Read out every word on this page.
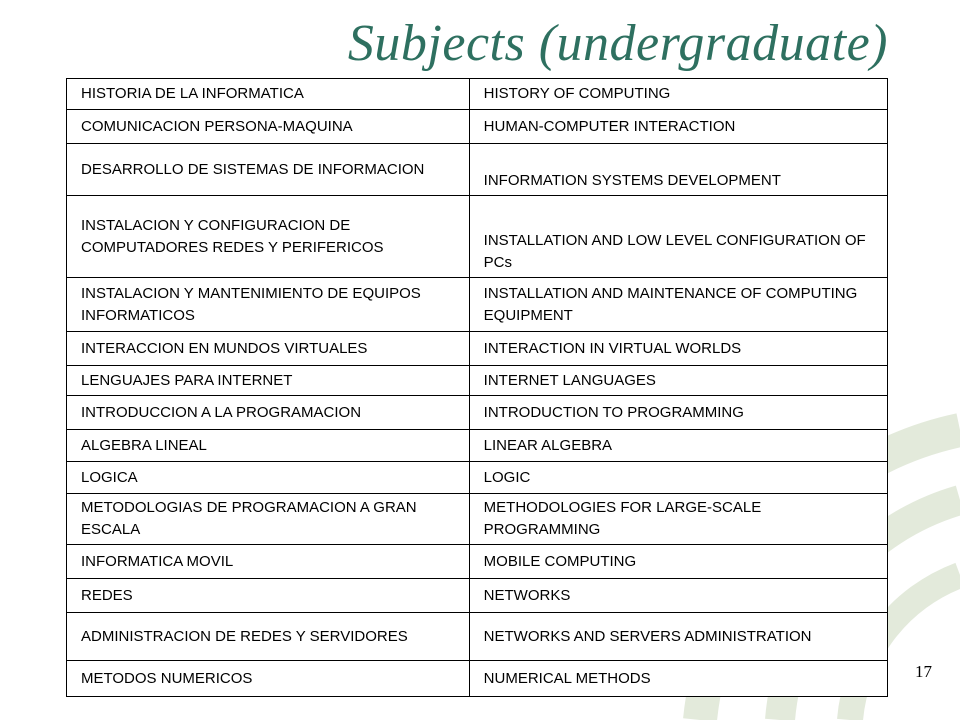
Subjects (undergraduate)
HISTORIA DE LA INFORMATICA	HISTORY OF COMPUTING
COMUNICACION PERSONA-MAQUINA	HUMAN-COMPUTER INTERACTION
DESARROLLO DE SISTEMAS DE INFORMACION	INFORMATION SYSTEMS DEVELOPMENT
INSTALACION Y CONFIGURACION DE COMPUTADORES REDES Y PERIFERICOS	INSTALLATION AND LOW LEVEL CONFIGURATION OF PCs
INSTALACION Y MANTENIMIENTO DE EQUIPOS INFORMATICOS	INSTALLATION AND MAINTENANCE OF COMPUTING EQUIPMENT
INTERACCION EN MUNDOS VIRTUALES	INTERACTION IN VIRTUAL WORLDS
LENGUAJES PARA INTERNET	INTERNET LANGUAGES
INTRODUCCION A LA PROGRAMACION	INTRODUCTION TO PROGRAMMING
ALGEBRA LINEAL	LINEAR ALGEBRA
LOGICA	LOGIC
METODOLOGIAS DE PROGRAMACION A GRAN ESCALA	METHODOLOGIES FOR LARGE-SCALE PROGRAMMING
INFORMATICA MOVIL	MOBILE COMPUTING
REDES	NETWORKS
ADMINISTRACION DE REDES Y SERVIDORES	NETWORKS AND SERVERS ADMINISTRATION
METODOS NUMERICOS	NUMERICAL METHODS	17
